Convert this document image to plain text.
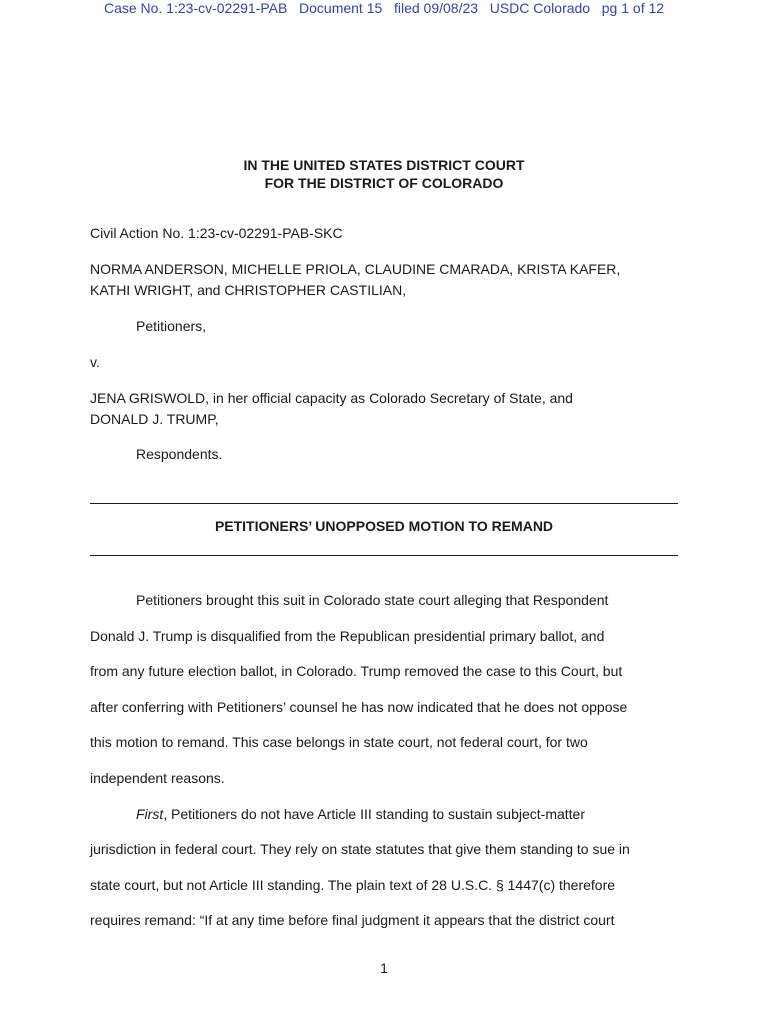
Case No. 1:23-cv-02291-PAB Document 15 filed 09/08/23 USDC Colorado pg 1 of 12
IN THE UNITED STATES DISTRICT COURT
FOR THE DISTRICT OF COLORADO
Civil Action No. 1:23-cv-02291-PAB-SKC
NORMA ANDERSON, MICHELLE PRIOLA, CLAUDINE CMARADA, KRISTA KAFER,
KATHI WRIGHT, and CHRISTOPHER CASTILIAN,
Petitioners,
v.
JENA GRISWOLD, in her official capacity as Colorado Secretary of State, and
DONALD J. TRUMP,
Respondents.
PETITIONERS’ UNOPPOSED MOTION TO REMAND

Petitioners brought this suit in Colorado state court alleging that Respondent

Donald J. Trump is disqualified from the Republican presidential primary ballot, and

from any future election ballot, in Colorado. Trump removed the case to this Court, but

after conferring with Petitioners’ counsel he has now indicated that he does not oppose

this motion to remand. This case belongs in state court, not federal court, for two

independent reasons.

First, Petitioners do not have Article III standing to sustain subject-matter

jurisdiction in federal court. They rely on state statutes that give them standing to sue in

state court, but not Article III standing. The plain text of 28 U.S.C. § 1447(c) therefore

requires remand: “If at any time before final judgment it appears that the district court

1
